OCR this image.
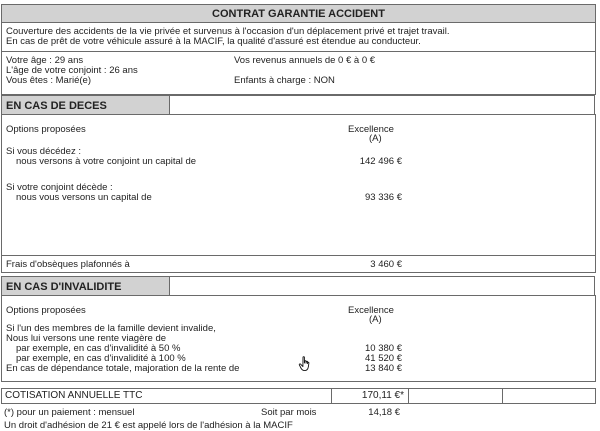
CONTRAT GARANTIE ACCIDENT
Couverture des accidents de la vie privée et survenus à l'occasion d'un déplacement privé et trajet travail.
En cas de prêt de votre véhicule assuré à la MACIF, la qualité d'assuré est étendue au conducteur.
Votre âge : 29 ans
L'âge de votre conjoint : 26 ans
Vous êtes : Marié(e)
Vos revenus annuels de 0 € à 0 €
Enfants à charge : NON
EN CAS DE DECES
Options proposées	Excellence
(A)
Si vous décédez :
nous versons à votre conjoint un capital de	142 496 €
Si votre conjoint décède :
nous vous versons un capital de	93 336 €
Frais d'obsèques plafonnés à	3 460 €
EN CAS D'INVALIDITE
Options proposées	Excellence
(A)
Si l'un des membres de la famille devient invalide,
Nous lui versons une rente viagère de
par exemple, en cas d'invalidité à 50 %	10 380 €
par exemple, en cas d'invalidité à 100 %	41 520 €
En cas de dépendance totale, majoration de la rente de	13 840 €
COTISATION ANNUELLE TTC	170,11 €*
(*) pour un paiement : mensuel	Soit par mois	14,18 €
Un droit d'adhésion de 21 € est appelé lors de l'adhésion à la MACIF
